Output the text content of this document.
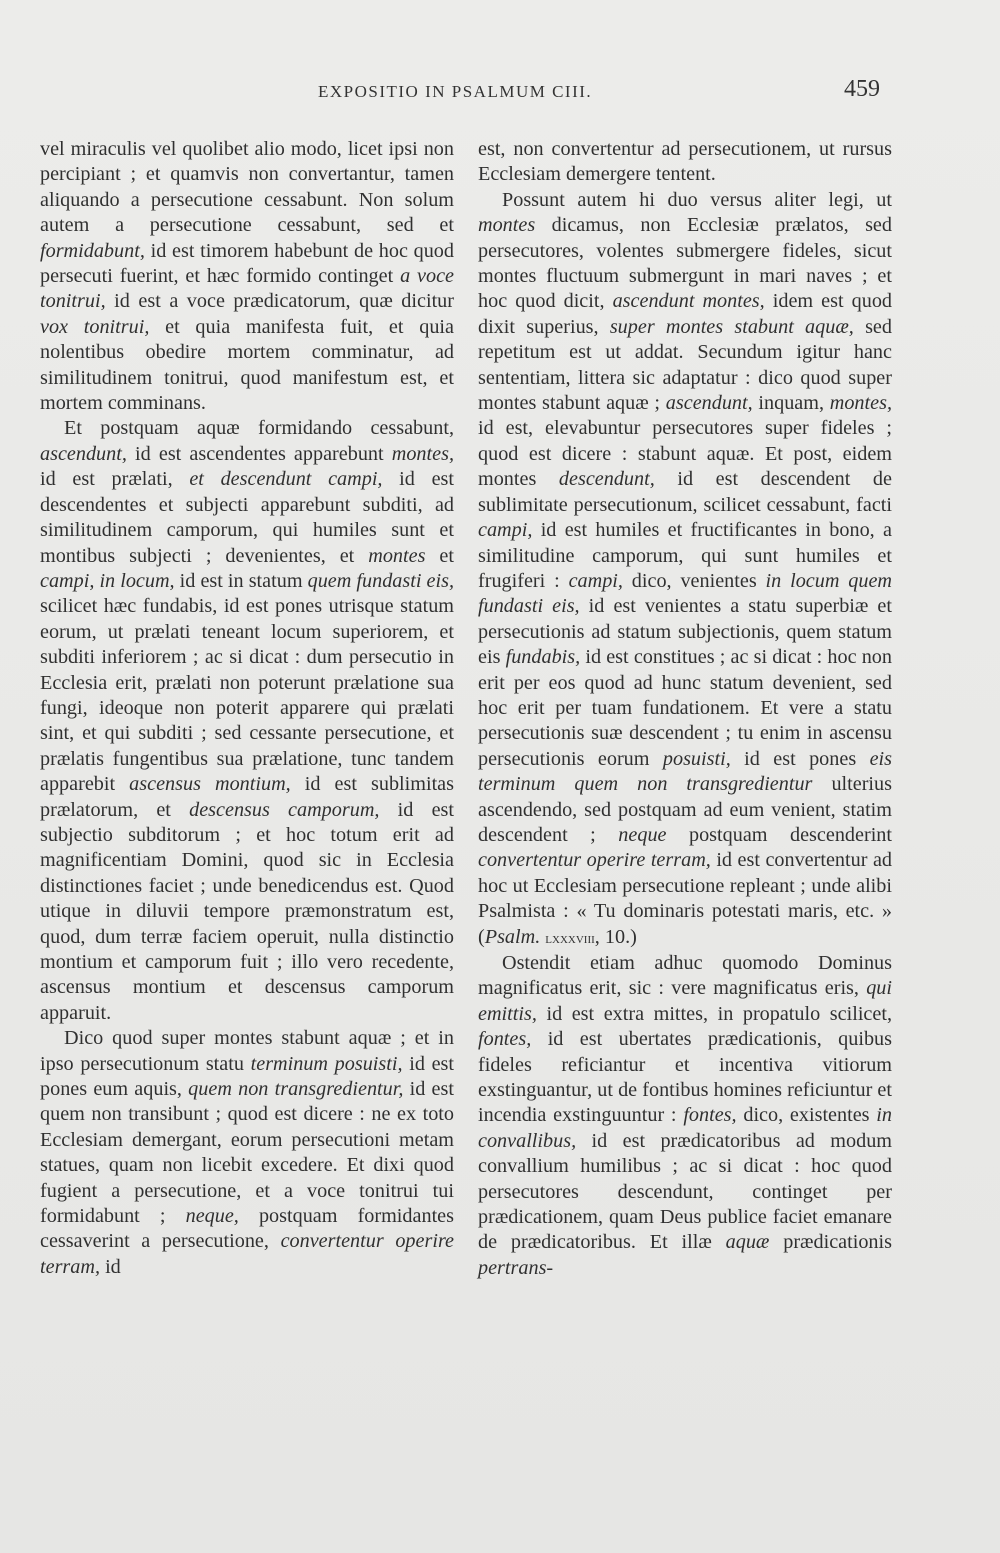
EXPOSITIO IN PSALMUM CIII.	459

vel miraculis vel quolibet alio modo, licet ipsi non percipiant ; et quamvis non convertantur, tamen aliquando a persecutione cessabunt. Non solum autem a persecutione cessabunt, sed et formidabunt, id est timorem habebunt de hoc quod persecuti fuerint, et hæc formido continget a voce tonitrui, id est a voce prædicatorum, quæ dicitur vox tonitrui, et quia manifesta fuit, et quia nolentibus obedire mortem comminatur, ad similitudinem tonitrui, quod manifestum est, et mortem comminans.

Et postquam aquæ formidando cessabunt, ascendunt, id est ascendentes apparebunt montes, id est prælati, et descendunt campi, id est descendentes et subjecti apparebunt subditi, ad similitudinem camporum, qui humiles sunt et montibus subjecti ; devenientes, et montes et campi, in locum, id est in statum quem fundasti eis, scilicet hæc fundabis, id est pones utrisque statum eorum, ut prælati teneant locum superiorem, et subditi inferiorem ; ac si dicat : dum persecutio in Ecclesia erit, prælati non poterunt prælatione sua fungi, ideoque non poterit apparere qui prælati sint, et qui subditi ; sed cessante persecutione, et prælatis fungentibus sua prælatione, tunc tandem apparebit ascensus montium, id est sublimitas prælatorum, et descensus camporum, id est subjectio subditorum ; et hoc totum erit ad magnificentiam Domini, quod sic in Ecclesia distinctiones faciet ; unde benedicendus est. Quod utique in diluvii tempore præmonstratum est, quod, dum terræ faciem operuit, nulla distinctio montium et camporum fuit ; illo vero recedente, ascensus montium et descensus camporum apparuit.

Dico quod super montes stabunt aquæ ; et in ipso persecutionum statu terminum posuisti, id est pones eum aquis, quem non transgredientur, id est quem non transibunt ; quod est dicere : ne ex toto Ecclesiam demergant, eorum persecutioni metam statues, quam non licebit excedere. Et dixi quod fugient a persecutione, et a voce tonitrui tui formidabunt ; neque, postquam formidantes cessaverint a persecutione, convertentur operire terram, id

est, non convertentur ad persecutionem, ut rursus Ecclesiam demergere tentent.

Possunt autem hi duo versus aliter legi, ut montes dicamus, non Ecclesiæ prælatos, sed persecutores, volentes submergere fideles, sicut montes fluctuum submergunt in mari naves ; et hoc quod dicit, ascendunt montes, idem est quod dixit superius, super montes stabunt aquæ, sed repetitum est ut addat. Secundum igitur hanc sententiam, littera sic adaptatur : dico quod super montes stabunt aquæ ; ascendunt, inquam, montes, id est, elevabuntur persecutores super fideles ; quod est dicere : stabunt aquæ. Et post, eidem montes descendunt, id est descendent de sublimitate persecutionum, scilicet cessabunt, facti campi, id est humiles et fructificantes in bono, a similitudine camporum, qui sunt humiles et frugiferi : campi, dico, venientes in locum quem fundasti eis, id est venientes a statu superbiæ et persecutionis ad statum subjectionis, quem statum eis fundabis, id est constitues ; ac si dicat : hoc non erit per eos quod ad hunc statum devenient, sed hoc erit per tuam fundationem. Et vere a statu persecutionis suæ descendent ; tu enim in ascensu persecutionis eorum posuisti, id est pones eis terminum quem non transgredientur ulterius ascendendo, sed postquam ad eum venient, statim descendent ; neque postquam descenderint convertentur operire terram, id est convertentur ad hoc ut Ecclesiam persecutione repleant ; unde alibi Psalmista : « Tu dominaris potestati maris, etc. » (Psalm. lxxxviii, 10.)

Ostendit etiam adhuc quomodo Dominus magnificatus erit, sic : vere magnificatus eris, qui emittis, id est extra mittes, in propatulo scilicet, fontes, id est ubertates prædicationis, quibus fideles reficiantur et incentiva vitiorum exstinguantur, ut de fontibus homines reficiuntur et incendia exstinguuntur : fontes, dico, existentes in convallibus, id est prædicatoribus ad modum convallium humilibus ; ac si dicat : hoc quod persecutores descendunt, continget per prædicationem, quam Deus publice faciet emanare de prædicatoribus. Et illæ aquæ prædicationis pertrans-
